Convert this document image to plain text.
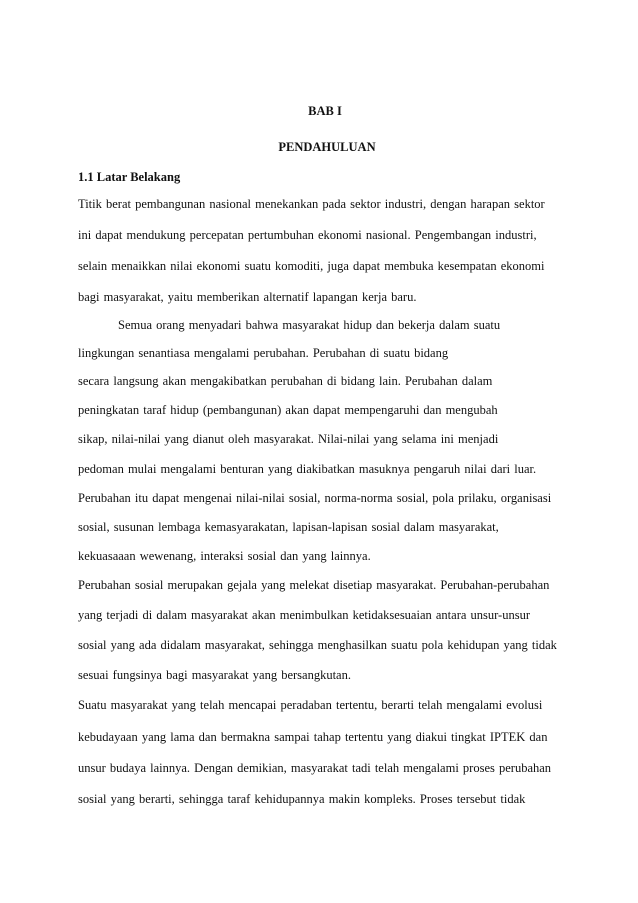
BAB I
PENDAHULUAN
1.1 Latar Belakang
Titik berat pembangunan nasional menekankan pada sektor industri, dengan harapan sektor
ini dapat mendukung percepatan pertumbuhan ekonomi nasional. Pengembangan industri,
selain menaikkan nilai ekonomi suatu komoditi, juga dapat membuka kesempatan ekonomi
bagi masyarakat, yaitu memberikan alternatif lapangan kerja baru.
Semua orang menyadari bahwa masyarakat hidup dan bekerja dalam suatu
lingkungan senantiasa mengalami perubahan. Perubahan di suatu bidang
secara langsung akan mengakibatkan perubahan di bidang lain. Perubahan dalam
peningkatan taraf hidup (pembangunan) akan dapat mempengaruhi dan mengubah
sikap, nilai-nilai yang dianut oleh masyarakat. Nilai-nilai yang selama ini menjadi
pedoman mulai mengalami benturan yang diakibatkan masuknya pengaruh nilai dari luar.
Perubahan itu dapat mengenai nilai-nilai sosial, norma-norma sosial, pola prilaku, organisasi
sosial, susunan lembaga kemasyarakatan, lapisan-lapisan sosial dalam masyarakat,
kekuasaaan wewenang, interaksi sosial dan yang lainnya.
Perubahan sosial merupakan gejala yang melekat disetiap masyarakat. Perubahan-perubahan
yang terjadi di dalam masyarakat akan menimbulkan ketidaksesuaian antara unsur-unsur
sosial yang ada didalam masyarakat, sehingga menghasilkan suatu pola kehidupan yang tidak
sesuai fungsinya bagi masyarakat yang bersangkutan.
Suatu masyarakat yang telah mencapai peradaban tertentu, berarti telah mengalami evolusi
kebudayaan yang lama dan bermakna sampai tahap tertentu yang diakui tingkat IPTEK dan
unsur budaya lainnya. Dengan demikian, masyarakat tadi telah mengalami proses perubahan
sosial yang berarti, sehingga taraf kehidupannya makin kompleks. Proses tersebut tidak
